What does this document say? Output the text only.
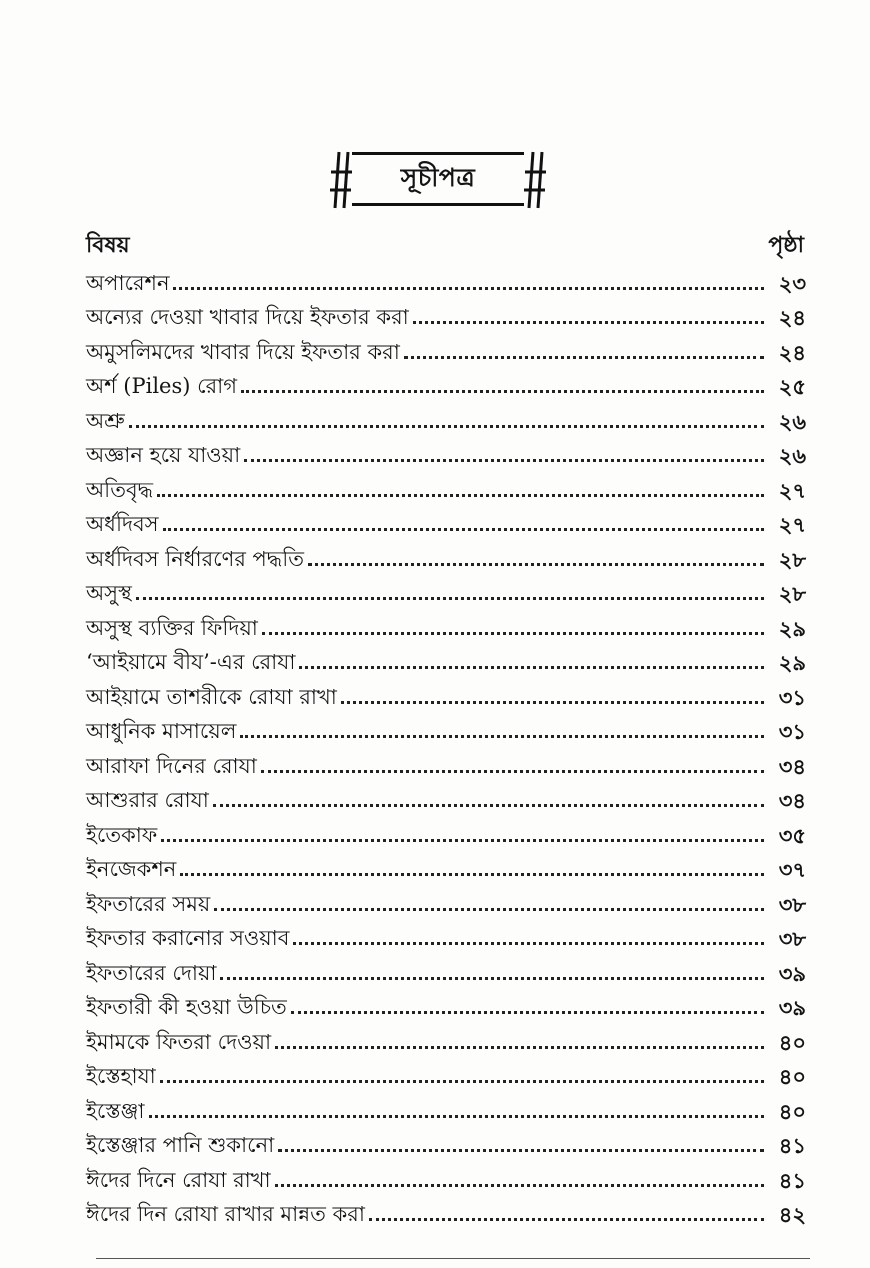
সূচীপত্র
বিষয়	পৃষ্ঠা
অপারেশন	২৩
অন্যের দেওয়া খাবার দিয়ে ইফতার করা	২৪
অমুসলিমদের খাবার দিয়ে ইফতার করা	২৪
অর্শ (Piles) রোগ	২৫
অশ্রু	২৬
অজ্ঞান হয়ে যাওয়া	২৬
অতিবৃদ্ধ	২৭
অর্ধদিবস	২৭
অর্ধদিবস নির্ধারণের পদ্ধতি	২৮
অসুস্থ	২৮
অসুস্থ ব্যক্তির ফিদিয়া	২৯
‘আইয়ামে বীয’-এর রোযা	২৯
আইয়ামে তাশরীকে রোযা রাখা	৩১
আধুনিক মাসায়েল	৩১
আরাফা দিনের রোযা	৩৪
আশুরার রোযা	৩৪
ইতেকাফ	৩৫
ইনজেকশন	৩৭
ইফতারের সময়	৩৮
ইফতার করানোর সওয়াব	৩৮
ইফতারের দোয়া	৩৯
ইফতারী কী হওয়া উচিত	৩৯
ইমামকে ফিতরা দেওয়া	৪০
ইস্তেহাযা	৪০
ইস্তেঞ্জা	৪০
ইস্তেঞ্জার পানি শুকানো	৪১
ঈদের দিনে রোযা রাখা	৪১
ঈদের দিন রোযা রাখার মান্নত করা	৪২
